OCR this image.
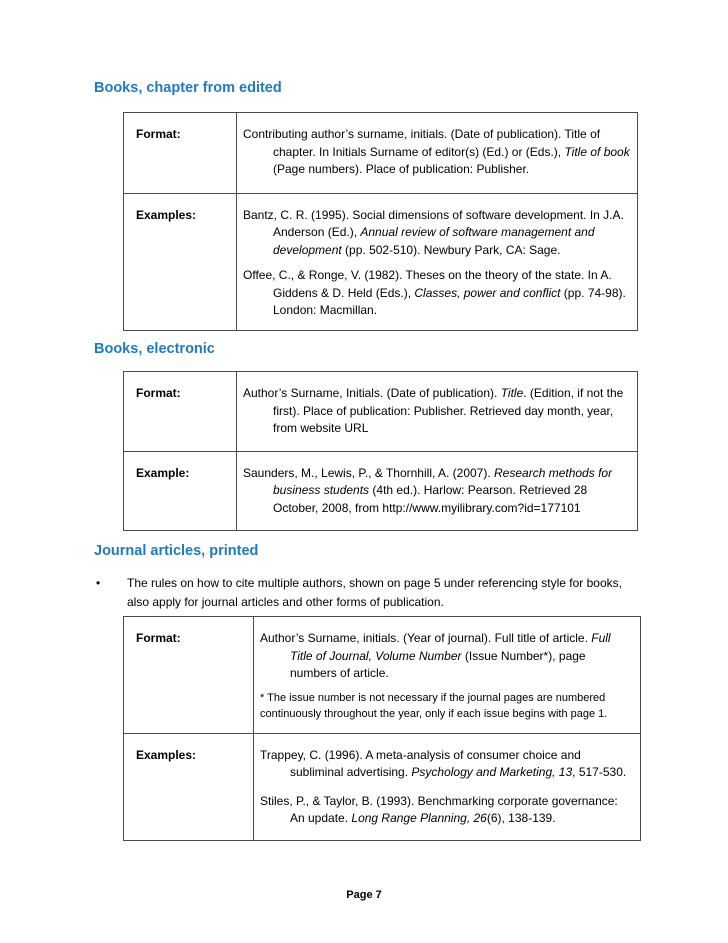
Books, chapter from edited
Format:	Contributing author’s surname, initials. (Date of publication). Title of chapter. In Initials Surname of editor(s) (Ed.) or (Eds.), Title of book (Page numbers). Place of publication: Publisher.

Examples:	Bantz, C. R. (1995). Social dimensions of software development. In J.A. Anderson (Ed.), Annual review of software management and development (pp. 502-510). Newbury Park, CA: Sage.
Offee, C., & Ronge, V. (1982). Theses on the theory of the state. In A. Giddens & D. Held (Eds.), Classes, power and conflict (pp. 74-98). London: Macmillan.
Books, electronic
Format:	Author’s Surname, Initials. (Date of publication). Title. (Edition, if not the first). Place of publication: Publisher. Retrieved day month, year, from website URL

Example:	Saunders, M., Lewis, P., & Thornhill, A. (2007). Research methods for business students (4th ed.). Harlow: Pearson. Retrieved 28 October, 2008, from http://www.myilibrary.com?id=177101
Journal articles, printed
• The rules on how to cite multiple authors, shown on page 5 under referencing style for books, also apply for journal articles and other forms of publication.
Format:	Author’s Surname, initials. (Year of journal). Full title of article. Full Title of Journal, Volume Number (Issue Number*), page numbers of article.
* The issue number is not necessary if the journal pages are numbered continuously throughout the year, only if each issue begins with page 1.

Examples:	Trappey, C. (1996). A meta-analysis of consumer choice and subliminal advertising. Psychology and Marketing, 13, 517-530.
Stiles, P., & Taylor, B. (1993). Benchmarking corporate governance: An update. Long Range Planning, 26(6), 138-139.
Page 7
